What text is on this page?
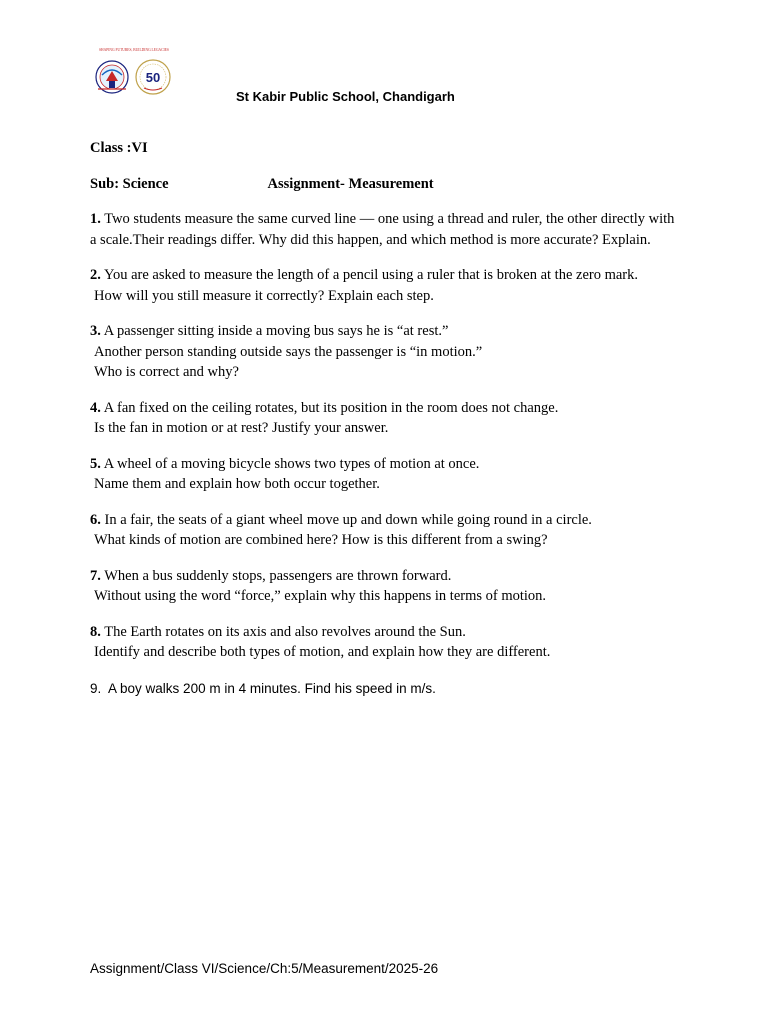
SHAPING FUTURES, BUILDING LEGACIES
50
St Kabir Public School, Chandigarh

Class :VI

Sub: Science	Assignment- Measurement

1. Two students measure the same curved line — one using a thread and ruler, the other directly with a scale.Their readings differ. Why did this happen, and which method is more accurate? Explain.

2. You are asked to measure the length of a pencil using a ruler that is broken at the zero mark.
How will you still measure it correctly? Explain each step.

3. A passenger sitting inside a moving bus says he is “at rest.”
Another person standing outside says the passenger is “in motion.”
Who is correct and why?

4. A fan fixed on the ceiling rotates, but its position in the room does not change.
Is the fan in motion or at rest? Justify your answer.

5. A wheel of a moving bicycle shows two types of motion at once.
Name them and explain how both occur together.

6. In a fair, the seats of a giant wheel move up and down while going round in a circle.
What kinds of motion are combined here? How is this different from a swing?

7. When a bus suddenly stops, passengers are thrown forward.
Without using the word “force,” explain why this happens in terms of motion.

8. The Earth rotates on its axis and also revolves around the Sun.
Identify and describe both types of motion, and explain how they are different.

9.  A boy walks 200 m in 4 minutes. Find his speed in m/s.

Assignment/Class VI/Science/Ch:5/Measurement/2025-26
